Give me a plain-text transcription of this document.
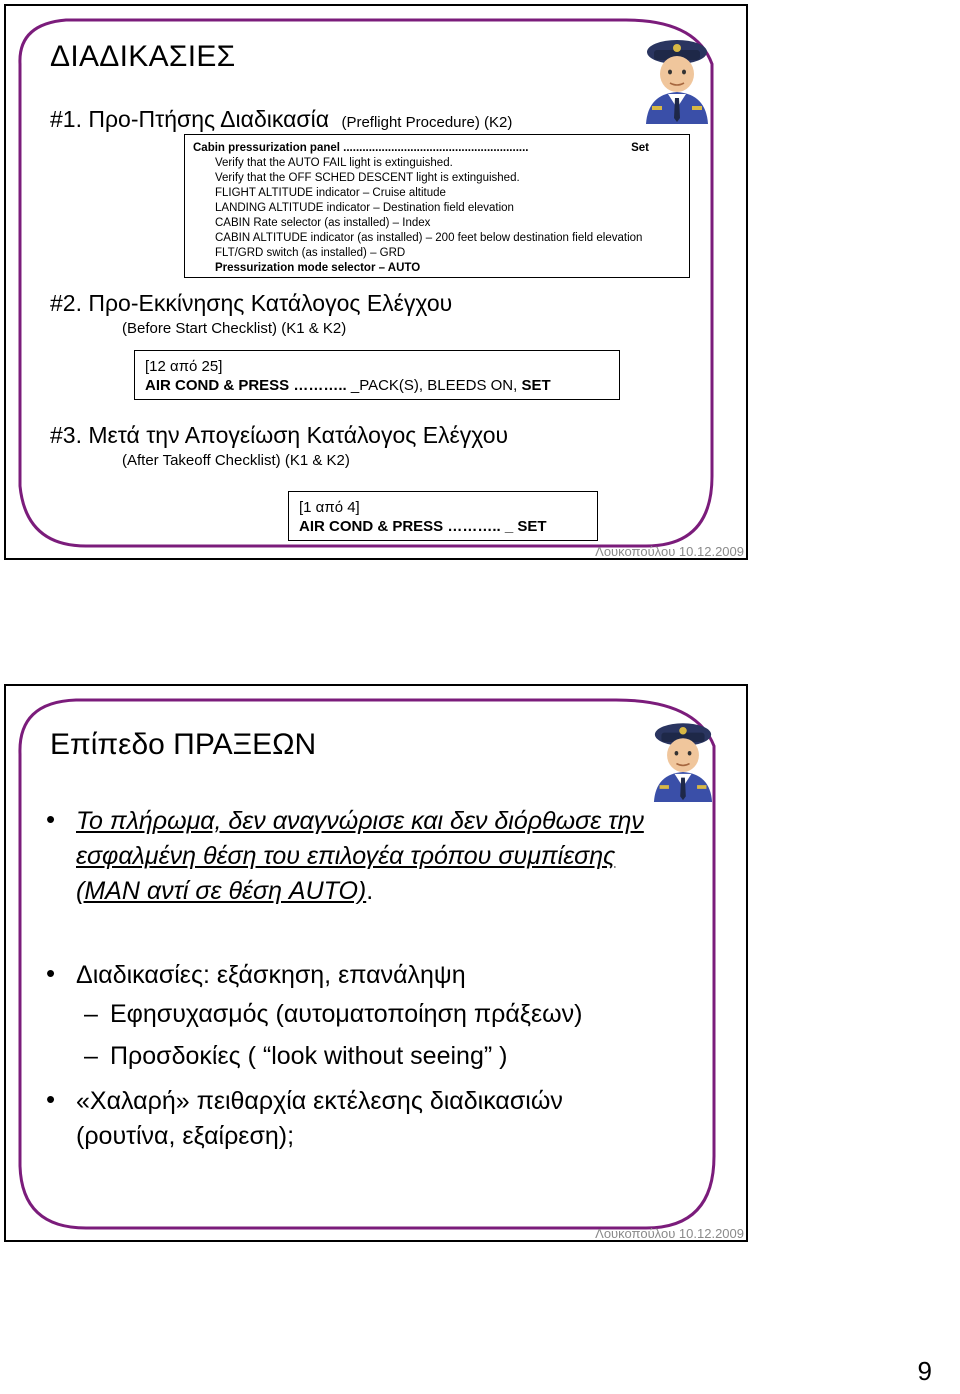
ΔΙΑΔΙΚΑΣΙΕΣ
#1. Προ-Πτήσης Διαδικασία (Preflight Procedure) (K2)
Cabin pressurization panel ..........................................................	Set
Verify that the AUTO FAIL light is extinguished.
Verify that the OFF SCHED DESCENT light is extinguished.
FLIGHT ALTITUDE indicator – Cruise altitude
LANDING ALTITUDE indicator – Destination field elevation
CABIN Rate selector (as installed) – Index
CABIN ALTITUDE indicator (as installed) – 200 feet below destination field elevation
FLT/GRD switch (as installed) – GRD
Pressurization mode selector – AUTO
#2. Προ-Εκκίνησης Κατάλογος Ελέγχου
(Before Start Checklist) (K1 & K2)
[12 από 25]
AIR COND & PRESS ……….. _PACK(S), BLEEDS ON, SET
#3. Μετά την Απογείωση Κατάλογος Ελέγχου
(After Takeoff Checklist) (K1 & K2)
[1 από 4]
AIR COND & PRESS ……….. _ SET
Λουκοπούλου 10.12.2009
Επίπεδο ΠΡΑΞΕΩΝ
• Το πλήρωμα, δεν αναγνώρισε και δεν διόρθωσε την
εσφαλμένη θέση του επιλογέα τρόπου συμπίεσης
(MAN αντί σε θέση AUTO).
• Διαδικασίες: εξάσκηση, επανάληψη
– Εφησυχασμός (αυτοματοποίηση πράξεων)
– Προσδοκίες ( “look without seeing” )
• «Χαλαρή» πειθαρχία εκτέλεσης διαδικασιών
(ρουτίνα, εξαίρεση);
Λουκοπούλου 10.12.2009
9
